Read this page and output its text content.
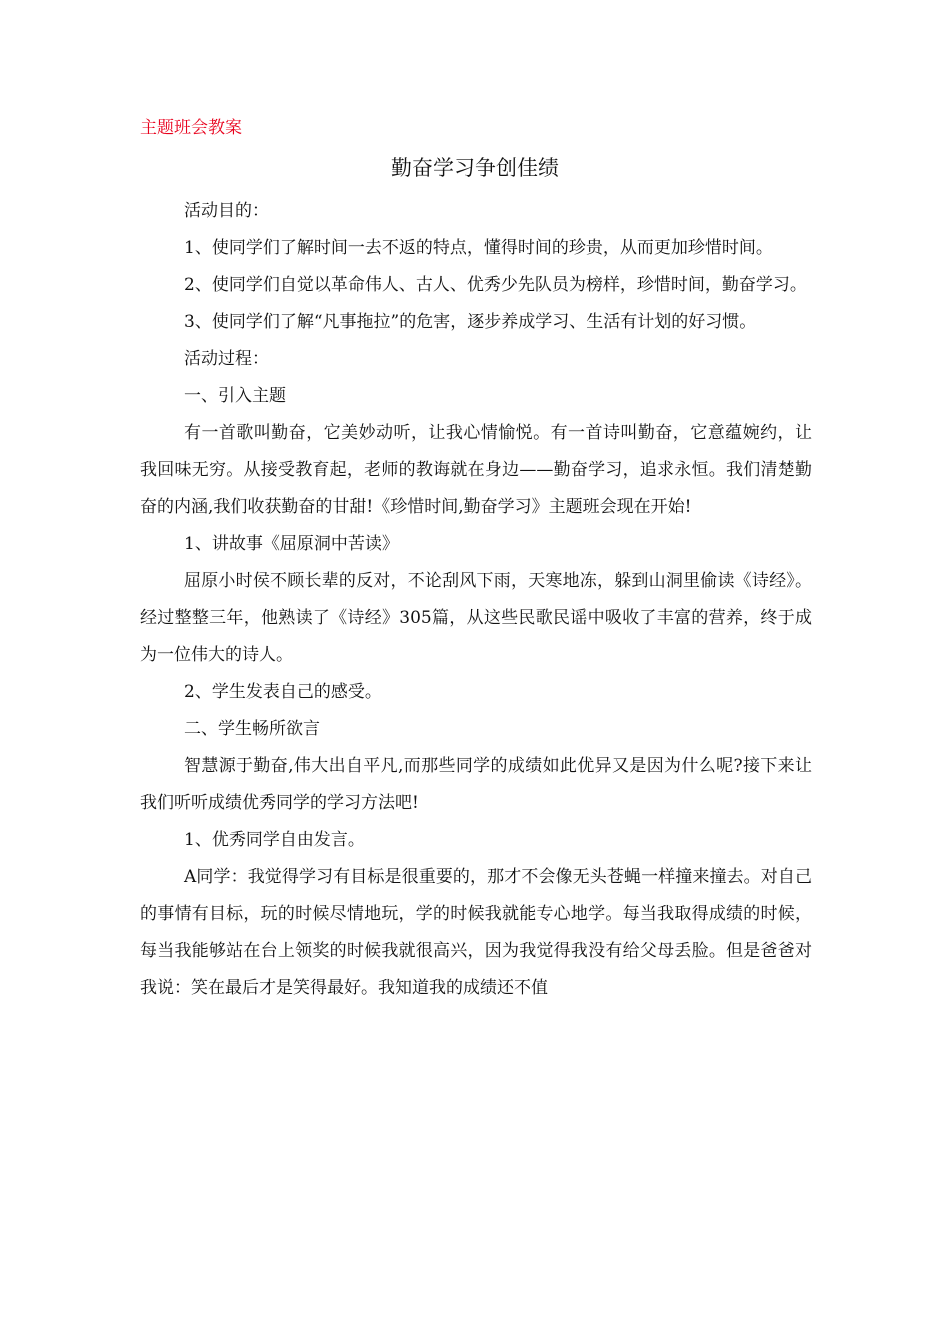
主题班会教案
勤奋学习争创佳绩

活动目的：

1、使同学们了解时间一去不返的特点，懂得时间的珍贵，从而更加珍惜时间。

2、使同学们自觉以革命伟人、古人、优秀少先队员为榜样，珍惜时间，勤奋学习。

3、使同学们了解“凡事拖拉”的危害，逐步养成学习、生活有计划的好习惯。

活动过程：

一、引入主题

有一首歌叫勤奋，它美妙动听，让我心情愉悦。有一首诗叫勤奋，它意蕴婉约，让我回味无穷。从接受教育起，老师的教诲就在身边——勤奋学习，追求永恒。我们清楚勤奋的内涵,我们收获勤奋的甘甜!《珍惜时间,勤奋学习》主题班会现在开始!

1、讲故事《屈原洞中苦读》

屈原小时侯不顾长辈的反对，不论刮风下雨，天寒地冻，躲到山洞里偷读《诗经》。经过整整三年，他熟读了《诗经》305篇，从这些民歌民谣中吸收了丰富的营养，终于成为一位伟大的诗人。

2、学生发表自己的感受。

二、学生畅所欲言

智慧源于勤奋,伟大出自平凡,而那些同学的成绩如此优异又是因为什么呢?接下来让我们听听成绩优秀同学的学习方法吧!

1、优秀同学自由发言。

A同学：我觉得学习有目标是很重要的，那才不会像无头苍蝇一样撞来撞去。对自己的事情有目标，玩的时候尽情地玩，学的时候我就能专心地学。每当我取得成绩的时候，每当我能够站在台上领奖的时候我就很高兴，因为我觉得我没有给父母丢脸。但是爸爸对我说：笑在最后才是笑得最好。我知道我的成绩还不值
